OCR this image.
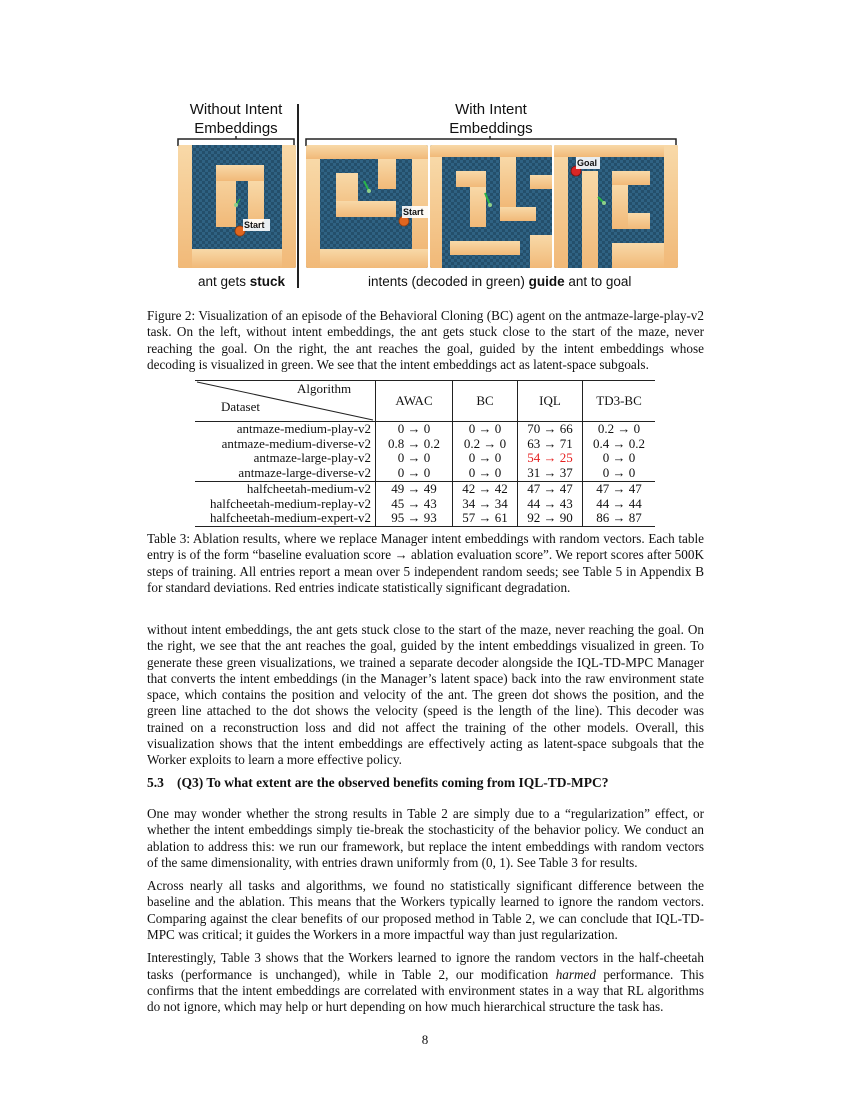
Without Intent
Embeddings
With Intent
Embeddings
Start
Start
Goal
ant gets stuck	intents (decoded in green) guide ant to goal
Figure 2: Visualization of an episode of the Behavioral Cloning (BC) agent on the antmaze-large-play-v2 task. On the left, without intent embeddings, the ant gets stuck close to the start of the maze, never reaching the goal. On the right, the ant reaches the goal, guided by the intent embeddings whose decoding is visualized in green. We see that the intent embeddings act as latent-space subgoals.
Algorithm
Dataset	AWAC	BC	IQL	TD3-BC
antmaze-medium-play-v2	0 → 0	0 → 0	70 → 66	0.2 → 0
antmaze-medium-diverse-v2	0.8 → 0.2	0.2 → 0	63 → 71	0.4 → 0.2
antmaze-large-play-v2	0 → 0	0 → 0	54 → 25	0 → 0
antmaze-large-diverse-v2	0 → 0	0 → 0	31 → 37	0 → 0
halfcheetah-medium-v2	49 → 49	42 → 42	47 → 47	47 → 47
halfcheetah-medium-replay-v2	45 → 43	34 → 34	44 → 43	44 → 44
halfcheetah-medium-expert-v2	95 → 93	57 → 61	92 → 90	86 → 87
Table 3: Ablation results, where we replace Manager intent embeddings with random vectors. Each table entry is of the form “baseline evaluation score → ablation evaluation score”. We report scores after 500K steps of training. All entries report a mean over 5 independent random seeds; see Table 5 in Appendix B for standard deviations. Red entries indicate statistically significant degradation.
without intent embeddings, the ant gets stuck close to the start of the maze, never reaching the goal. On the right, we see that the ant reaches the goal, guided by the intent embeddings visualized in green. To generate these green visualizations, we trained a separate decoder alongside the IQL-TD-MPC Manager that converts the intent embeddings (in the Manager’s latent space) back into the raw environment state space, which contains the position and velocity of the ant. The green dot shows the position, and the green line attached to the dot shows the velocity (speed is the length of the line). This decoder was trained on a reconstruction loss and did not affect the training of the other models. Overall, this visualization shows that the intent embeddings are effectively acting as latent-space subgoals that the Worker exploits to learn a more effective policy.
5.3 (Q3) To what extent are the observed benefits coming from IQL-TD-MPC?

One may wonder whether the strong results in Table 2 are simply due to a “regularization” effect, or whether the intent embeddings simply tie-break the stochasticity of the behavior policy. We conduct an ablation to address this: we run our framework, but replace the intent embeddings with random vectors of the same dimensionality, with entries drawn uniformly from (0, 1). See Table 3 for results.

Across nearly all tasks and algorithms, we found no statistically significant difference between the baseline and the ablation. This means that the Workers typically learned to ignore the random vectors. Comparing against the clear benefits of our proposed method in Table 2, we can conclude that IQL-TD-MPC was critical; it guides the Workers in a more impactful way than just regularization.

Interestingly, Table 3 shows that the Workers learned to ignore the random vectors in the half-cheetah tasks (performance is unchanged), while in Table 2, our modification harmed performance. This confirms that the intent embeddings are correlated with environment states in a way that RL algorithms do not ignore, which may help or hurt depending on how much hierarchical structure the task has.

8
